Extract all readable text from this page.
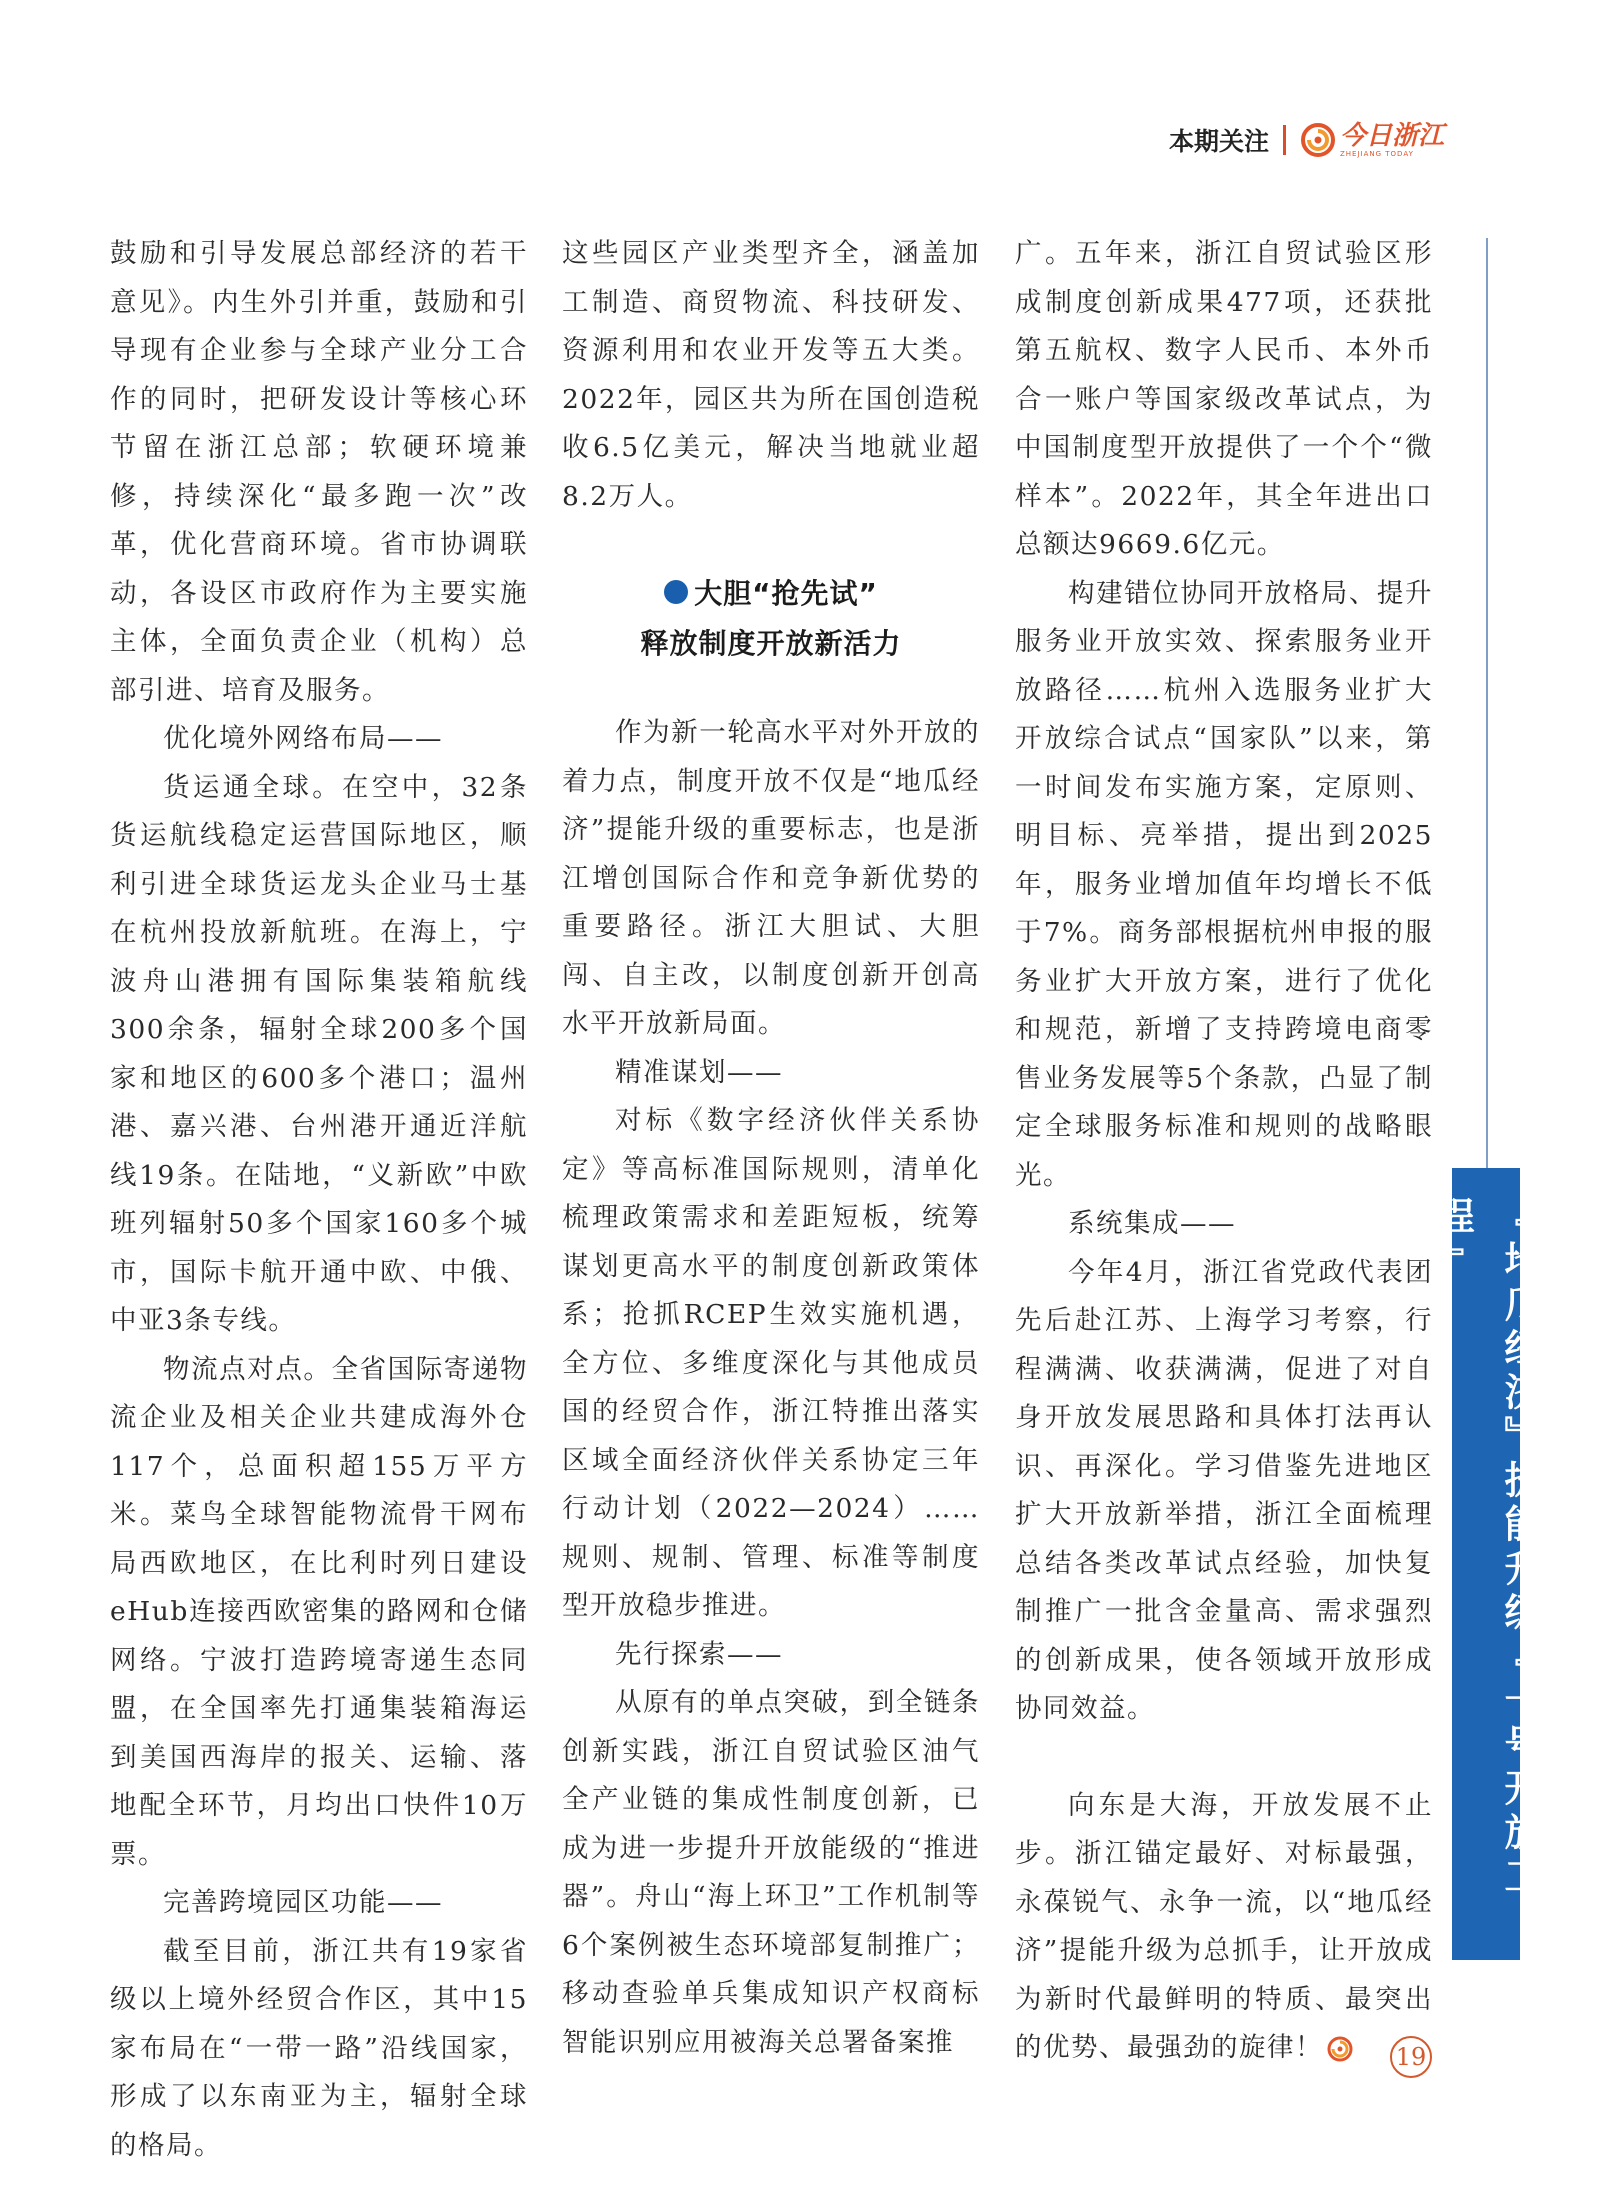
本期关注	今日浙江
ZHEJIANG TODAY

鼓励和引导发展总部经济的若干意见》。内生外引并重，鼓励和引导现有企业参与全球产业分工合作的同时，把研发设计等核心环节留在浙江总部；软硬环境兼修，持续深化“最多跑一次”改革，优化营商环境。省市协调联动，各设区市政府作为主要实施主体，全面负责企业（机构）总部引进、培育及服务。

优化境外网络布局——

货运通全球。在空中，32条货运航线稳定运营国际地区，顺利引进全球货运龙头企业马士基在杭州投放新航班。在海上，宁波舟山港拥有国际集装箱航线300余条，辐射全球200多个国家和地区的600多个港口；温州港、嘉兴港、台州港开通近洋航线19条。在陆地，“义新欧”中欧班列辐射50多个国家160多个城市，国际卡航开通中欧、中俄、中亚3条专线。

物流点对点。全省国际寄递物流企业及相关企业共建成海外仓117个，总面积超155万平方米。菜鸟全球智能物流骨干网布局西欧地区，在比利时列日建设eHub连接西欧密集的路网和仓储网络。宁波打造跨境寄递生态同盟，在全国率先打通集装箱海运到美国西海岸的报关、运输、落地配全环节，月均出口快件10万票。

完善跨境园区功能——

截至目前，浙江共有19家省级以上境外经贸合作区，其中15家布局在“一带一路”沿线国家，形成了以东南亚为主，辐射全球的格局。

这些园区产业类型齐全，涵盖加工制造、商贸物流、科技研发、资源利用和农业开发等五大类。2022年，园区共为所在国创造税收6.5亿美元，解决当地就业超8.2万人。

大胆“抢先试”
释放制度开放新活力

作为新一轮高水平对外开放的着力点，制度开放不仅是“地瓜经济”提能升级的重要标志，也是浙江增创国际合作和竞争新优势的重要路径。浙江大胆试、大胆闯、自主改，以制度创新开创高水平开放新局面。

精准谋划——

对标《数字经济伙伴关系协定》等高标准国际规则，清单化梳理政策需求和差距短板，统筹谋划更高水平的制度创新政策体系；抢抓RCEP生效实施机遇，全方位、多维度深化与其他成员国的经贸合作，浙江特推出落实区域全面经济伙伴关系协定三年行动计划（2022—2024）……规则、规制、管理、标准等制度型开放稳步推进。

先行探索——

从原有的单点突破，到全链条创新实践，浙江自贸试验区油气全产业链的集成性制度创新，已成为进一步提升开放能级的“推进器”。舟山“海上环卫”工作机制等6个案例被生态环境部复制推广；移动查验单兵集成知识产权商标智能识别应用被海关总署备案推

广。五年来，浙江自贸试验区形成制度创新成果477项，还获批第五航权、数字人民币、本外币合一账户等国家级改革试点，为中国制度型开放提供了一个个“微样本”。2022年，其全年进出口总额达9669.6亿元。

构建错位协同开放格局、提升服务业开放实效、探索服务业开放路径……杭州入选服务业扩大开放综合试点“国家队”以来，第一时间发布实施方案，定原则、明目标、亮举措，提出到2025年，服务业增加值年均增长不低于7%。商务部根据杭州申报的服务业扩大开放方案，进行了优化和规范，新增了支持跨境电商零售业务发展等5个条款，凸显了制定全球服务标准和规则的战略眼光。

系统集成——

今年4月，浙江省党政代表团先后赴江苏、上海学习考察，行程满满、收获满满，促进了对自身开放发展思路和具体打法再认识、再深化。学习借鉴先进地区扩大开放新举措，浙江全面梳理总结各类改革试点经验，加快复制推广一批含金量高、需求强烈的创新成果，使各领域开放形成协同效益。

向东是大海，开放发展不止步。浙江锚定最好、对标最强，永葆锐气、永争一流，以“地瓜经济”提能升级为总抓手，让开放成为新时代最鲜明的特质、最突出的优势、最强劲的旋律！

『地瓜经济』提能升级『一号开放工程』
19
